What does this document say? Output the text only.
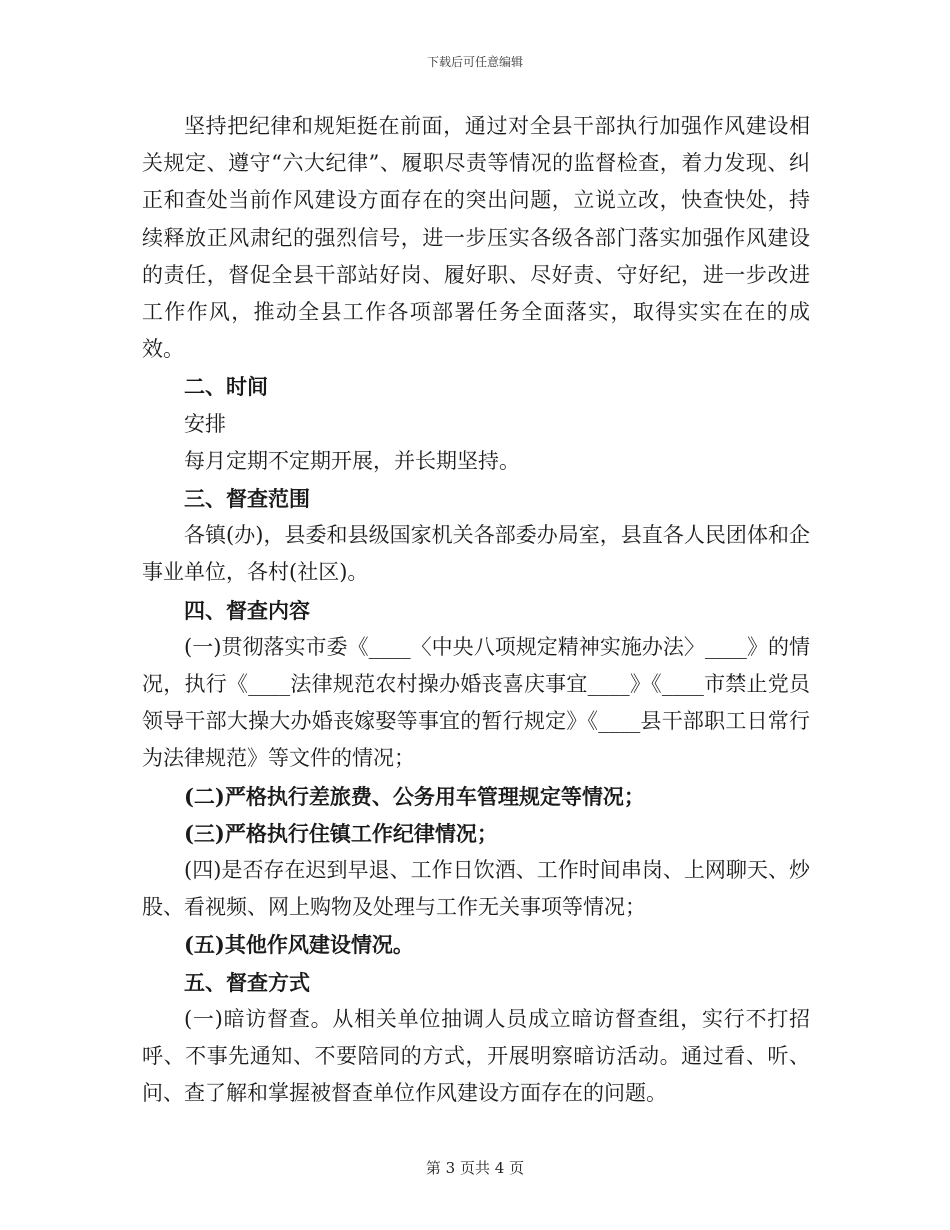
下载后可任意编辑

坚持把纪律和规矩挺在前面，通过对全县干部执行加强作风建设相关规定、遵守“六大纪律”、履职尽责等情况的监督检查，着力发现、纠正和查处当前作风建设方面存在的突出问题，立说立改，快查快处，持续释放正风肃纪的强烈信号，进一步压实各级各部门落实加强作风建设的责任，督促全县干部站好岗、履好职、尽好责、守好纪，进一步改进工作作风，推动全县工作各项部署任务全面落实，取得实实在在的成效。

二、时间

安排

每月定期不定期开展，并长期坚持。

三、督查范围

各镇(办)，县委和县级国家机关各部委办局室，县直各人民团体和企事业单位，各村(社区)。

四、督查内容

(一)贯彻落实市委《____〈中央八项规定精神实施办法〉____》的情况，执行《____法律规范农村操办婚丧喜庆事宜____》《____市禁止党员领导干部大操大办婚丧嫁娶等事宜的暂行规定》《____县干部职工日常行为法律规范》等文件的情况；

(二)严格执行差旅费、公务用车管理规定等情况；

(三)严格执行住镇工作纪律情况；

(四)是否存在迟到早退、工作日饮酒、工作时间串岗、上网聊天、炒股、看视频、网上购物及处理与工作无关事项等情况；

(五)其他作风建设情况。

五、督查方式

(一)暗访督查。从相关单位抽调人员成立暗访督查组，实行不打招呼、不事先通知、不要陪同的方式，开展明察暗访活动。通过看、听、问、查了解和掌握被督查单位作风建设方面存在的问题。

第 3 页共 4 页
